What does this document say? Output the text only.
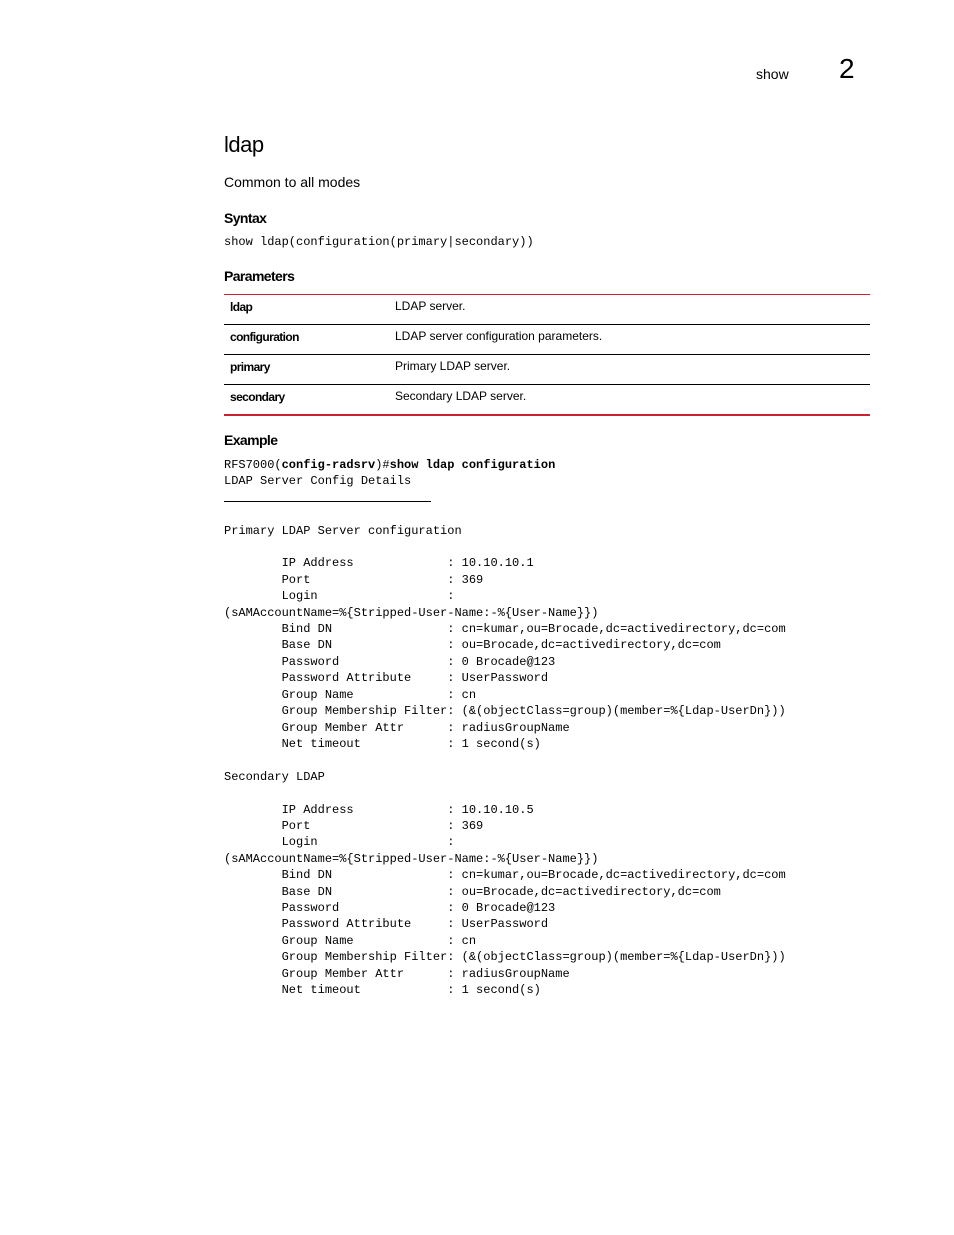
show 2
ldap
Common to all modes
Syntax
show ldap(configuration(primary|secondary))
Parameters
ldap	LDAP server.
configuration	LDAP server configuration parameters.
primary	Primary LDAP server.
secondary	Secondary LDAP server.
Example
RFS7000(config-radsrv)#show ldap configuration
LDAP Server Config Details

Primary LDAP Server configuration

IP Address             : 10.10.10.1
Port                   : 369
Login                  :
(sAMAccountName=%{Stripped-User-Name:-%{User-Name}})
Bind DN                : cn=kumar,ou=Brocade,dc=activedirectory,dc=com
Base DN                : ou=Brocade,dc=activedirectory,dc=com
Password               : 0 Brocade@123
Password Attribute     : UserPassword
Group Name             : cn
Group Membership Filter: (&(objectClass=group)(member=%{Ldap-UserDn}))
Group Member Attr      : radiusGroupName
Net timeout            : 1 second(s)

Secondary LDAP

IP Address             : 10.10.10.5
Port                   : 369
Login                  :
(sAMAccountName=%{Stripped-User-Name:-%{User-Name}})
Bind DN                : cn=kumar,ou=Brocade,dc=activedirectory,dc=com
Base DN                : ou=Brocade,dc=activedirectory,dc=com
Password               : 0 Brocade@123
Password Attribute     : UserPassword
Group Name             : cn
Group Membership Filter: (&(objectClass=group)(member=%{Ldap-UserDn}))
Group Member Attr      : radiusGroupName
Net timeout            : 1 second(s)
